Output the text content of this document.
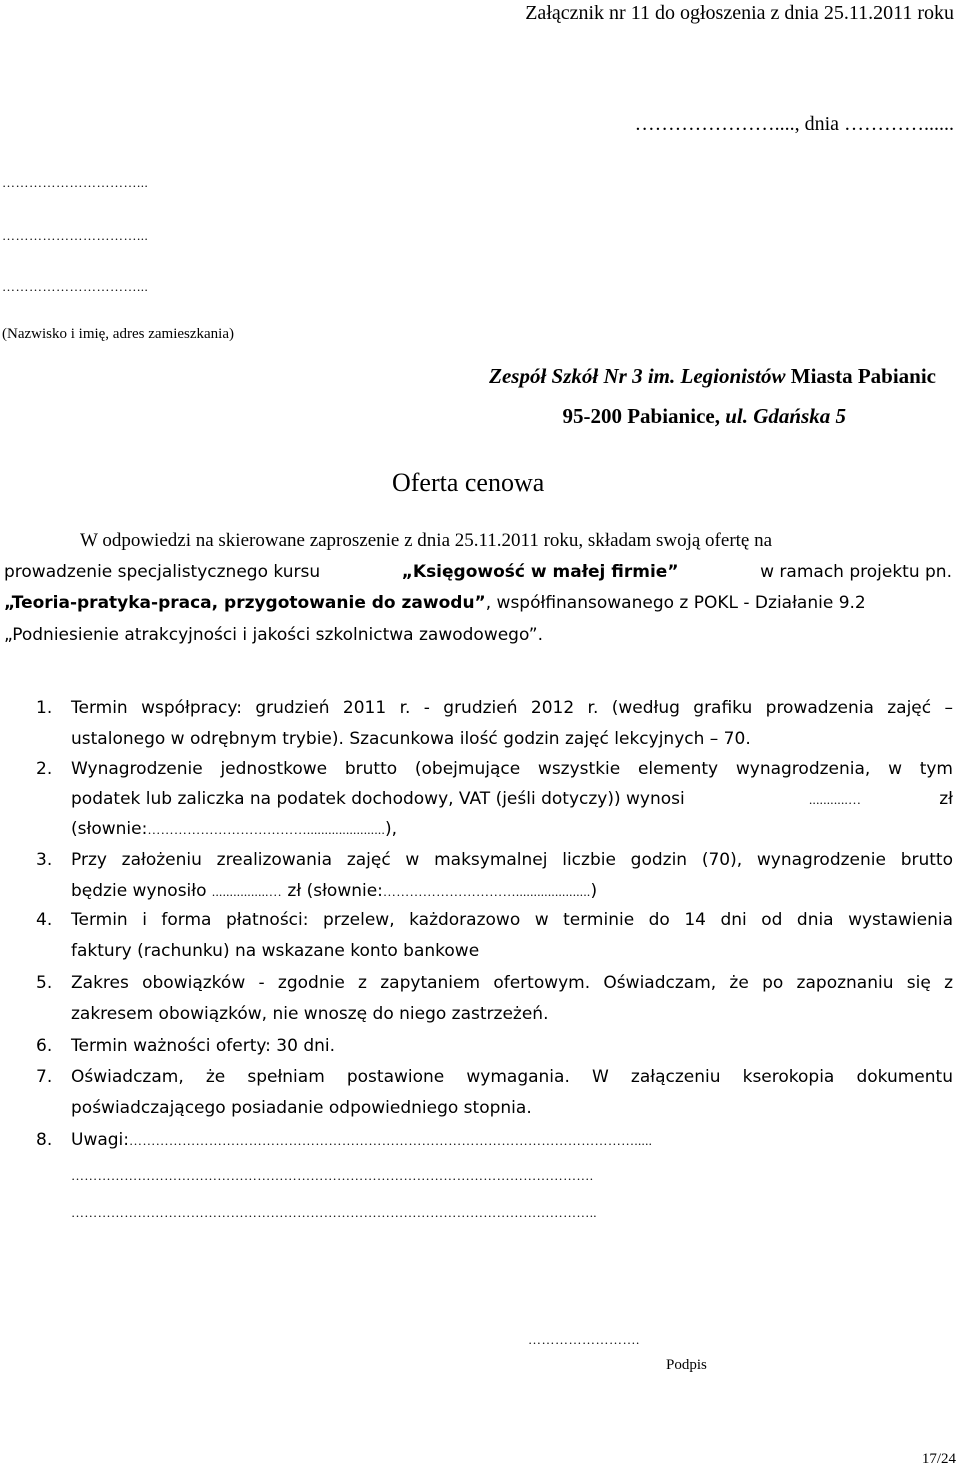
Załącznik nr 11 do ogłoszenia z dnia 25.11.2011 roku
…………………...., dnia …………......
…………………………...
…………………………...
…………………………...
(Nazwisko i imię, adres zamieszkania)
Zespół Szkół Nr 3 im. Legionistów Miasta Pabianic
95-200 Pabianice, ul. Gdańska 5
Oferta cenowa
W odpowiedzi na skierowane zaproszenie z dnia 25.11.2011 roku, składam swoją ofertę na
prowadzenie specjalistycznego kursu	„Księgowość w małej firmie”	w ramach projektu pn.
„Teoria-pratyka-praca, przygotowanie do zawodu”, współfinansowanego z POKL - Działanie 9.2
„Podniesienie atrakcyjności i jakości szkolnictwa zawodowego”.
1. Termin współpracy: grudzień 2011 r. - grudzień 2012 r. (według grafiku prowadzenia zajęć –
ustalonego w odrębnym trybie). Szacunkowa ilość godzin zajęć lekcyjnych – 70.
2. Wynagrodzenie jednostkowe brutto (obejmujące wszystkie elementy wynagrodzenia, w tym
podatek lub zaliczka na podatek dochodowy, VAT (jeśli dotyczy)) wynosi	...........…	zł
(słownie:………………………………......................),
3. Przy założeniu zrealizowania zajęć w maksymalnej liczbie godzin (70), wynagrodzenie brutto
będzie wynosiło ................… zł (słownie:………………………….....................)
4. Termin i forma płatności: przelew, każdorazowo w terminie do 14 dni od dnia wystawienia
faktury (rachunku) na wskazane konto bankowe
5. Zakres obowiązków - zgodnie z zapytaniem ofertowym. Oświadczam, że po zapoznaniu się z
zakresem obowiązków, nie wnoszę do niego zastrzeżeń.
6. Termin ważności oferty: 30 dni.
7. Oświadczam, że spełniam postawione wymagania. W załączeniu kserokopia dokumentu
poświadczającego posiadanie odpowiedniego stopnia.
8. Uwagi:…………………………………………………………………………………………………….....
……………………………………………………………………………………………………….
………………………………………………………………………………………………………..
…………………….
Podpis
17/24
